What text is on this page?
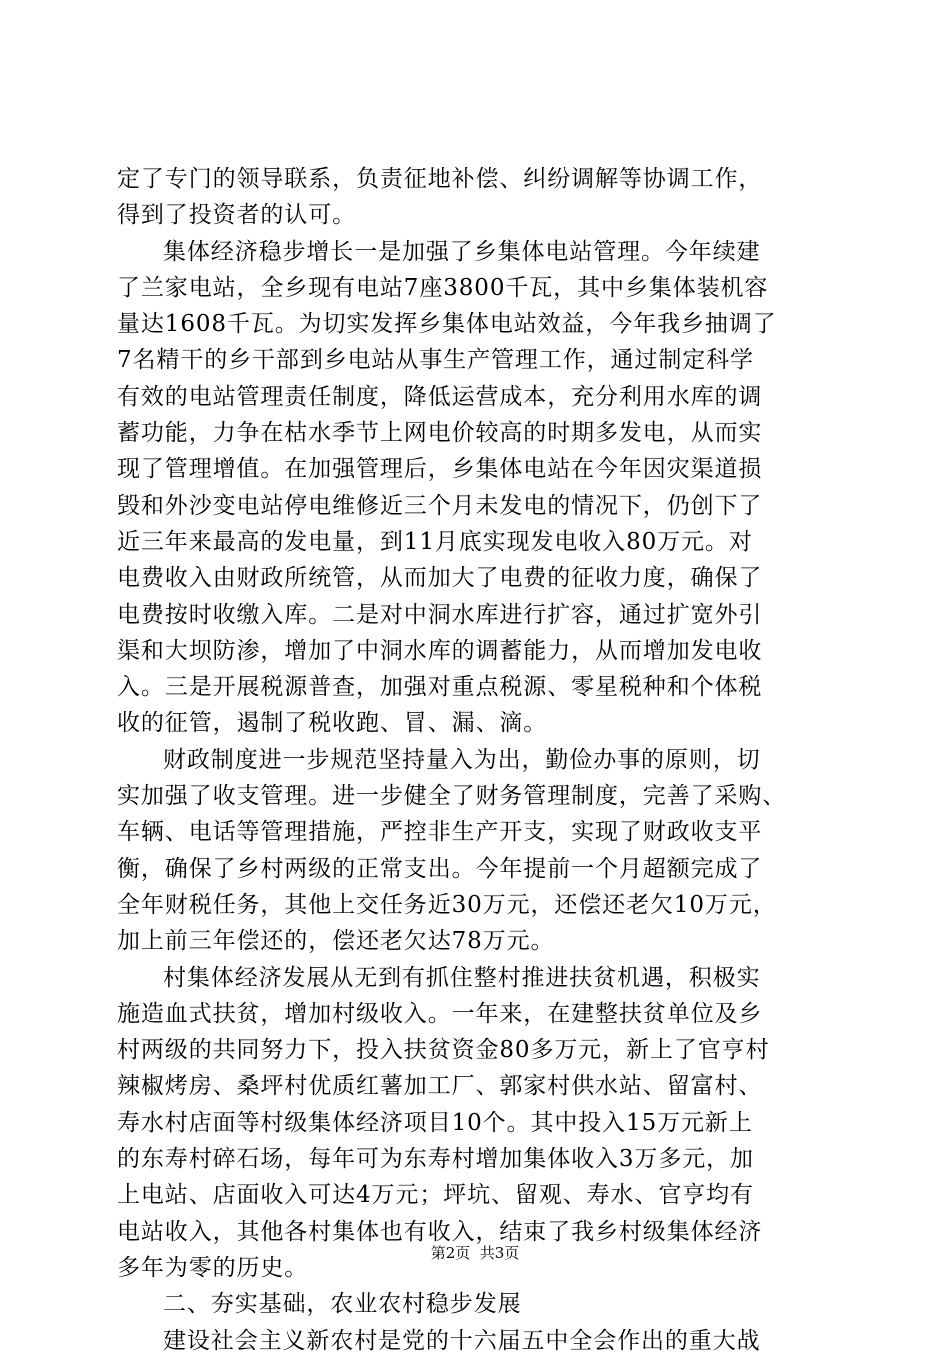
定了专门的领导联系，负责征地补偿、纠纷调解等协调工作，
得到了投资者的认可。
集体经济稳步增长一是加强了乡集体电站管理。今年续建
了兰家电站，全乡现有电站7座3800千瓦，其中乡集体装机容
量达1608千瓦。为切实发挥乡集体电站效益，今年我乡抽调了
7名精干的乡干部到乡电站从事生产管理工作，通过制定科学
有效的电站管理责任制度，降低运营成本，充分利用水库的调
蓄功能，力争在枯水季节上网电价较高的时期多发电，从而实
现了管理增值。在加强管理后，乡集体电站在今年因灾渠道损
毁和外沙变电站停电维修近三个月未发电的情况下，仍创下了
近三年来最高的发电量，到11月底实现发电收入80万元。对
电费收入由财政所统管，从而加大了电费的征收力度，确保了
电费按时收缴入库。二是对中洞水库进行扩容，通过扩宽外引
渠和大坝防渗，增加了中洞水库的调蓄能力，从而增加发电收
入。三是开展税源普查，加强对重点税源、零星税种和个体税
收的征管，遏制了税收跑、冒、漏、滴。
财政制度进一步规范坚持量入为出，勤俭办事的原则，切
实加强了收支管理。进一步健全了财务管理制度，完善了采购、
车辆、电话等管理措施，严控非生产开支，实现了财政收支平
衡，确保了乡村两级的正常支出。今年提前一个月超额完成了
全年财税任务，其他上交任务近30万元，还偿还老欠10万元，
加上前三年偿还的，偿还老欠达78万元。
村集体经济发展从无到有抓住整村推进扶贫机遇，积极实
施造血式扶贫，增加村级收入。一年来，在建整扶贫单位及乡
村两级的共同努力下，投入扶贫资金80多万元，新上了官亨村
辣椒烤房、桑坪村优质红薯加工厂、郭家村供水站、留富村、
寿水村店面等村级集体经济项目10个。其中投入15万元新上
的东寿村碎石场，每年可为东寿村增加集体收入3万多元，加
上电站、店面收入可达4万元；坪坑、留观、寿水、官亨均有
电站收入，其他各村集体也有收入，结束了我乡村级集体经济
多年为零的历史。
二、夯实基础，农业农村稳步发展
建设社会主义新农村是党的十六届五中全会作出的重大战
第2页  共3页
